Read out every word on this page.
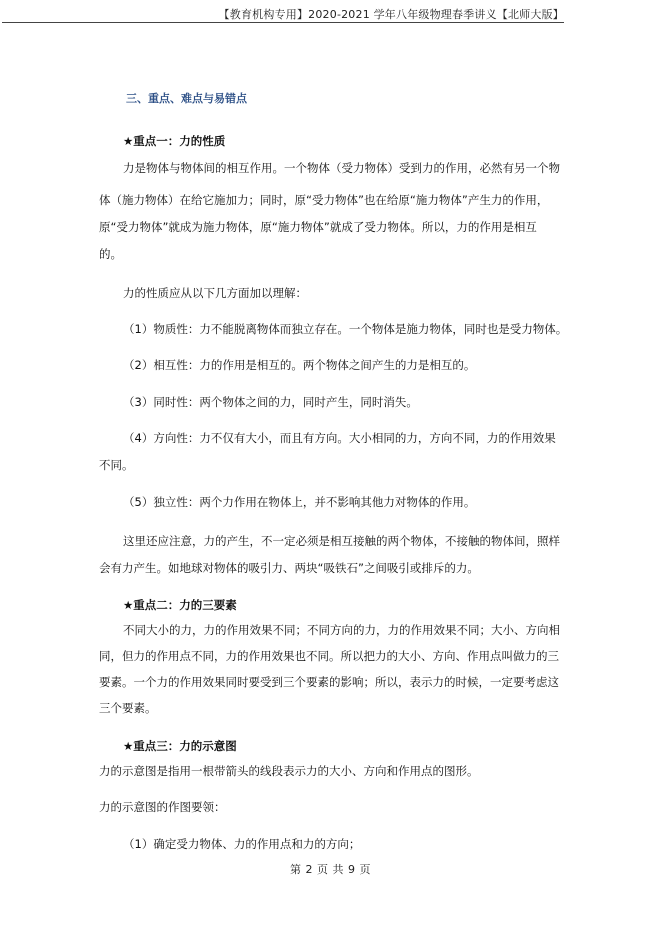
【教育机构专用】2020-2021 学年八年级物理春季讲义【北师大版】
三、重点、难点与易错点
★重点一：力的性质
力是物体与物体间的相互作用。一个物体（受力物体）受到力的作用，必然有另一个物
体（施力物体）在给它施加力；同时，原“受力物体”也在给原“施力物体”产生力的作用，
原“受力物体”就成为施力物体，原“施力物体”就成了受力物体。所以，力的作用是相互
的。
力的性质应从以下几方面加以理解：
（1）物质性：力不能脱离物体而独立存在。一个物体是施力物体，同时也是受力物体。
（2）相互性：力的作用是相互的。两个物体之间产生的力是相互的。
（3）同时性：两个物体之间的力，同时产生，同时消失。
（4）方向性：力不仅有大小，而且有方向。大小相同的力，方向不同，力的作用效果
不同。
（5）独立性：两个力作用在物体上，并不影响其他力对物体的作用。
这里还应注意，力的产生，不一定必须是相互接触的两个物体，不接触的物体间，照样
会有力产生。如地球对物体的吸引力、两块“吸铁石”之间吸引或排斥的力。
★重点二：力的三要素
不同大小的力，力的作用效果不同；不同方向的力，力的作用效果不同；大小、方向相
同，但力的作用点不同，力的作用效果也不同。所以把力的大小、方向、作用点叫做力的三
要素。一个力的作用效果同时要受到三个要素的影响；所以，表示力的时候，一定要考虑这
三个要素。
★重点三：力的示意图
力的示意图是指用一根带箭头的线段表示力的大小、方向和作用点的图形。
力的示意图的作图要领：
（1）确定受力物体、力的作用点和力的方向；
第 2 页 共 9 页
